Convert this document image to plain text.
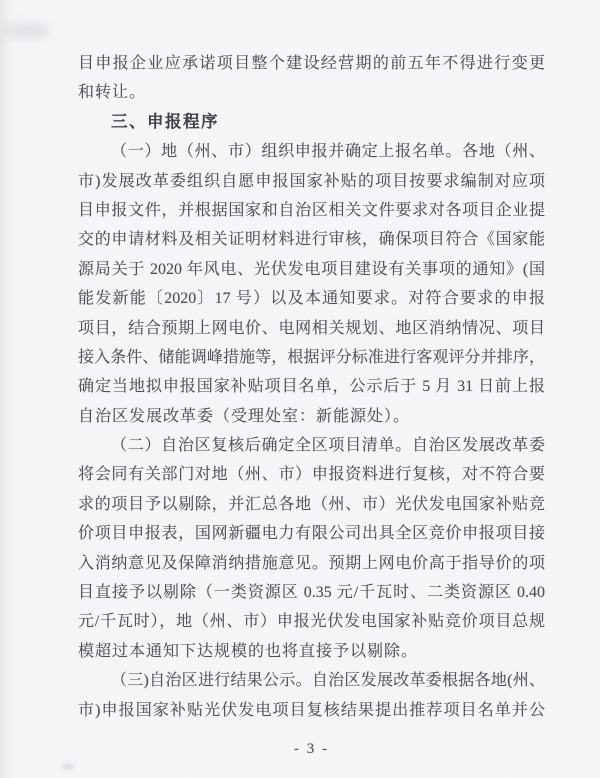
目申报企业应承诺项目整个建设经营期的前五年不得进行变更
和转让。
三、申报程序
（一）地（州、市）组织申报并确定上报名单。各地（州、
市)发展改革委组织自愿申报国家补贴的项目按要求编制对应项
目申报文件，并根据国家和自治区相关文件要求对各项目企业提
交的申请材料及相关证明材料进行审核，确保项目符合《国家能
源局关于 2020 年风电、光伏发电项目建设有关事项的通知》(国
能发新能〔2020〕17 号）以及本通知要求。对符合要求的申报
项目，结合预期上网电价、电网相关规划、地区消纳情况、项目
接入条件、储能调峰措施等，根据评分标准进行客观评分并排序，
确定当地拟申报国家补贴项目名单，公示后于 5 月 31 日前上报
自治区发展改革委（受理处室：新能源处）。
（二）自治区复核后确定全区项目清单。自治区发展改革委
将会同有关部门对地（州、市）申报资料进行复核，对不符合要
求的项目予以剔除，并汇总各地（州、市）光伏发电国家补贴竞
价项目申报表，国网新疆电力有限公司出具全区竞价申报项目接
入消纳意见及保障消纳措施意见。预期上网电价高于指导价的项
目直接予以剔除（一类资源区 0.35 元/千瓦时、二类资源区 0.40
元/千瓦时），地（州、市）申报光伏发电国家补贴竞价项目总规
模超过本通知下达规模的也将直接予以剔除。
（三)自治区进行结果公示。自治区发展改革委根据各地(州、
市)申报国家补贴光伏发电项目复核结果提出推荐项目名单并公
- 3 -
